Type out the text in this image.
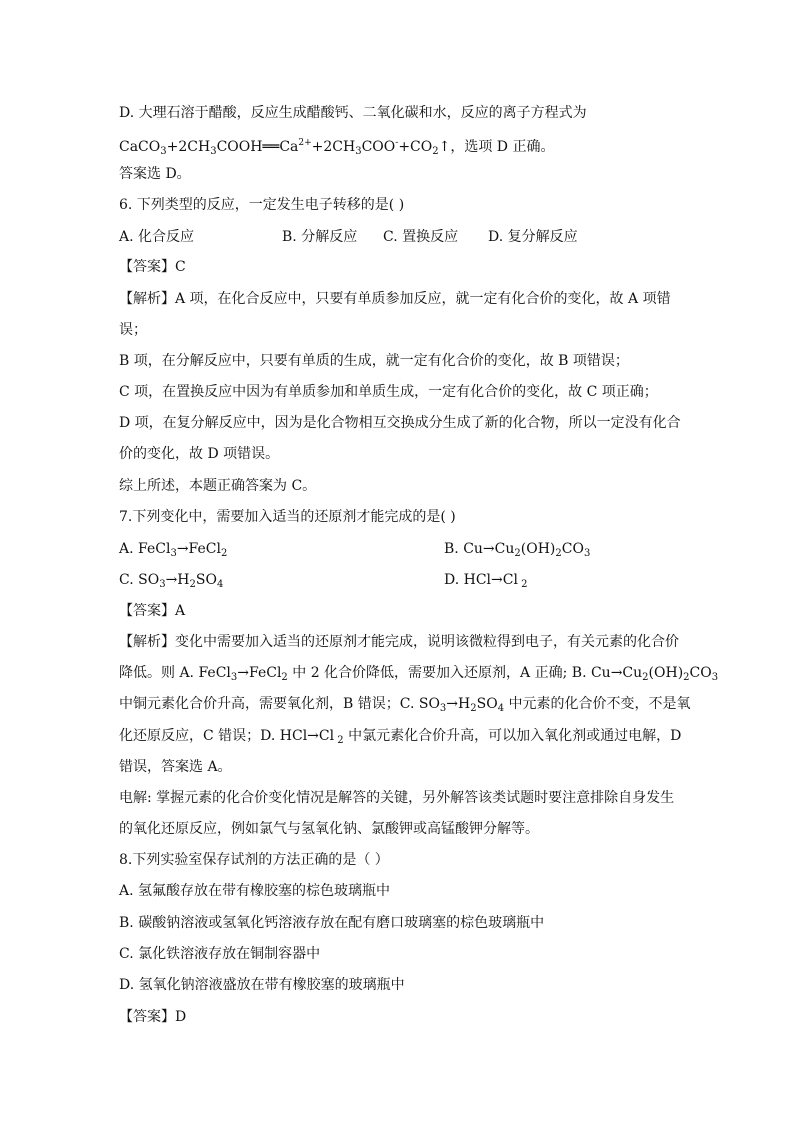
D. 大理石溶于醋酸，反应生成醋酸钙、二氧化碳和水，反应的离子方程式为
$CaCO_3+2CH_3COOH══Ca^{2+}+2CH_3COO^-+CO_2↑$，选项 D 正确。
答案选 D。
6. 下列类型的反应，一定发生电子转移的是( )
A. 化合反应	B. 分解反应 C. 置换反应 D. 复分解反应
【答案】C
【解析】A 项，在化合反应中，只要有单质参加反应，就一定有化合价的变化，故 A 项错
误；
B 项，在分解反应中，只要有单质的生成，就一定有化合价的变化，故 B 项错误；
C 项，在置换反应中因为有单质参加和单质生成，一定有化合价的变化，故 C 项正确；
D 项，在复分解反应中，因为是化合物相互交换成分生成了新的化合物，所以一定没有化合
价的变化，故 D 项错误。
综上所述，本题正确答案为 C。
7.下列变化中，需要加入适当的还原剂才能完成的是( )
A. FeCl$_3$→FeCl$_2$	B. $Cu\to Cu_2(OH)_2CO_3$
C. $SO_3\to H_2SO_4$	D. HCl→Cl $_2$
【答案】A
【解析】变化中需要加入适当的还原剂才能完成，说明该微粒得到电子，有关元素的化合价
降低。则 A. FeCl$_3$→FeCl$_2$ 中 2 化合价降低，需要加入还原剂，A 正确; B. $Cu\to Cu_2(OH)_2CO_3$
中铜元素化合价升高，需要氧化剂，B 错误；C. $SO_3\to H_2SO_4$ 中元素的化合价不变，不是氧
化还原反应，C 错误；D. HCl→Cl $_2$ 中氯元素化合价升高，可以加入氧化剂或通过电解，D
错误，答案选 A。
电解: 掌握元素的化合价变化情况是解答的关键，另外解答该类试题时要注意排除自身发生
的氧化还原反应，例如氯气与氢氧化钠、氯酸钾或高锰酸钾分解等。
8.下列实验室保存试剂的方法正确的是（ ）
A. 氢氟酸存放在带有橡胶塞的棕色玻璃瓶中
B. 碳酸钠溶液或氢氧化钙溶液存放在配有磨口玻璃塞的棕色玻璃瓶中
C. 氯化铁溶液存放在铜制容器中
D. 氢氧化钠溶液盛放在带有橡胶塞的玻璃瓶中
【答案】D
